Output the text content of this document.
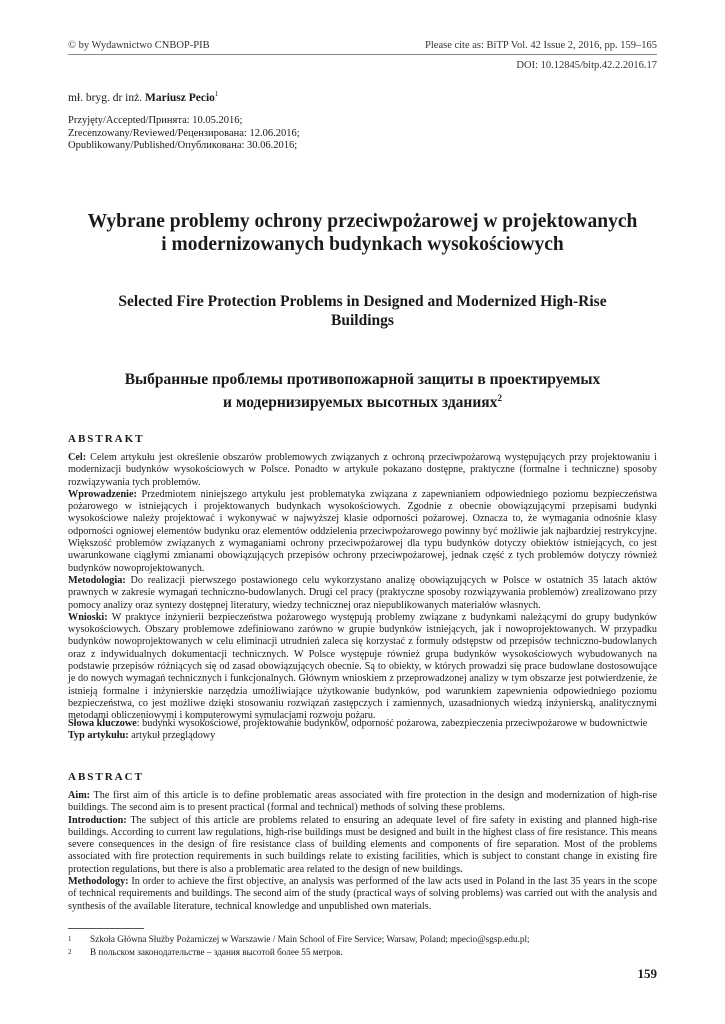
© by Wydawnictwo CNBOP-PIB	Please cite as: BiTP Vol. 42 Issue 2, 2016, pp. 159–165
DOI: 10.12845/bitp.42.2.2016.17
mł. bryg. dr inż. Mariusz Pecio$^1$
Przyjęty/Accepted/Принята: 10.05.2016;
Zrecenzowany/Reviewed/Рецензирована: 12.06.2016;
Opublikowany/Published/Опубликована: 30.06.2016;
Wybrane problemy ochrony przeciwpożarowej w projektowanych
i modernizowanych budynkach wysokościowych
Selected Fire Protection Problems in Designed and Modernized High-Rise
Buildings
Выбранные проблемы противопожарной защиты в проектируемых
и модернизируемых высотных зданиях$^2$
ABSTRAKT

Cel: Celem artykułu jest określenie obszarów problemowych związanych z ochroną przeciwpożarową występujących przy projektowaniu i modernizacji budynków wysokościowych w Polsce. Ponadto w artykule pokazano dostępne, praktyczne (formalne i techniczne) sposoby rozwiązywania tych problemów.

Wprowadzenie: Przedmiotem niniejszego artykułu jest problematyka związana z zapewnianiem odpowiedniego poziomu bezpieczeństwa pożarowego w istniejących i projektowanych budynkach wysokościowych. Zgodnie z obecnie obowiązującymi przepisami budynki wysokościowe należy projektować i wykonywać w najwyższej klasie odporności pożarowej. Oznacza to, że wymagania odnośnie klasy odporności ogniowej elementów budynku oraz elementów oddzielenia przeciwpożarowego powinny być możliwie jak najbardziej restrykcyjne. Większość problemów związanych z wymaganiami ochrony przeciwpożarowej dla typu budynków dotyczy obiektów istniejących, co jest uwarunkowane ciągłymi zmianami obowiązujących przepisów ochrony przeciwpożarowej, jednak część z tych problemów dotyczy również budynków nowoprojektowanych.

Metodologia: Do realizacji pierwszego postawionego celu wykorzystano analizę obowiązujących w Polsce w ostatnich 35 latach aktów prawnych w zakresie wymagań techniczno-budowlanych. Drugi cel pracy (praktyczne sposoby rozwiązywania problemów) zrealizowano przy pomocy analizy oraz syntezy dostępnej literatury, wiedzy technicznej oraz niepublikowanych materiałów własnych.

Wnioski: W praktyce inżynierii bezpieczeństwa pożarowego występują problemy związane z budynkami należącymi do grupy budynków wysokościowych. Obszary problemowe zdefiniowano zarówno w grupie budynków istniejących, jak i nowoprojektowanych. W przypadku budynków nowoprojektowanych w celu eliminacji utrudnień zaleca się korzystać z formuły odstępstw od przepisów techniczno-budowlanych oraz z indywidualnych dokumentacji technicznych. W Polsce występuje również grupa budynków wysokościowych wybudowanych na podstawie przepisów różniących się od zasad obowiązujących obecnie. Są to obiekty, w których prowadzi się prace budowlane dostosowujące je do nowych wymagań technicznych i funkcjonalnych. Głównym wnioskiem z przeprowadzonej analizy w tym obszarze jest potwierdzenie, że istnieją formalne i inżynierskie narzędzia umożliwiające użytkowanie budynków, pod warunkiem zapewnienia odpowiedniego poziomu bezpieczeństwa, co jest możliwe dzięki stosowaniu rozwiązań zastępczych i zamiennych, uzasadnionych wiedzą inżynierską, analitycznymi metodami obliczeniowymi i komputerowymi symulacjami rozwoju pożaru.

Słowa kluczowe: budynki wysokościowe, projektowanie budynków, odporność pożarowa, zabezpieczenia przeciwpożarowe w budownictwie

Typ artykułu: artykuł przeglądowy

ABSTRACT

Aim: The first aim of this article is to define problematic areas associated with fire protection in the design and modernization of high-rise buildings. The second aim is to present practical (formal and technical) methods of solving these problems.

Introduction: The subject of this article are problems related to ensuring an adequate level of fire safety in existing and planned high-rise buildings. According to current law regulations, high-rise buildings must be designed and built in the highest class of fire resistance. This means severe consequences in the design of fire resistance class of building elements and components of fire separation. Most of the problems associated with fire protection requirements in such buildings relate to existing facilities, which is subject to constant change in existing fire protection regulations, but there is also a problematic area related to the design of new buildings.

Methodology: In order to achieve the first objective, an analysis was performed of the law acts used in Poland in the last 35 years in the scope of technical requirements and buildings. The second aim of the study (practical ways of solving problems) was carried out with the analysis and synthesis of the available literature, technical knowledge and unpublished own materials.

1 Szkoła Główna Służby Pożarniczej w Warszawie / Main School of Fire Service; Warsaw, Poland; mpecio@sgsp.edu.pl;
2 В польском законодательстве – здания высотой более 55 метров.
159
